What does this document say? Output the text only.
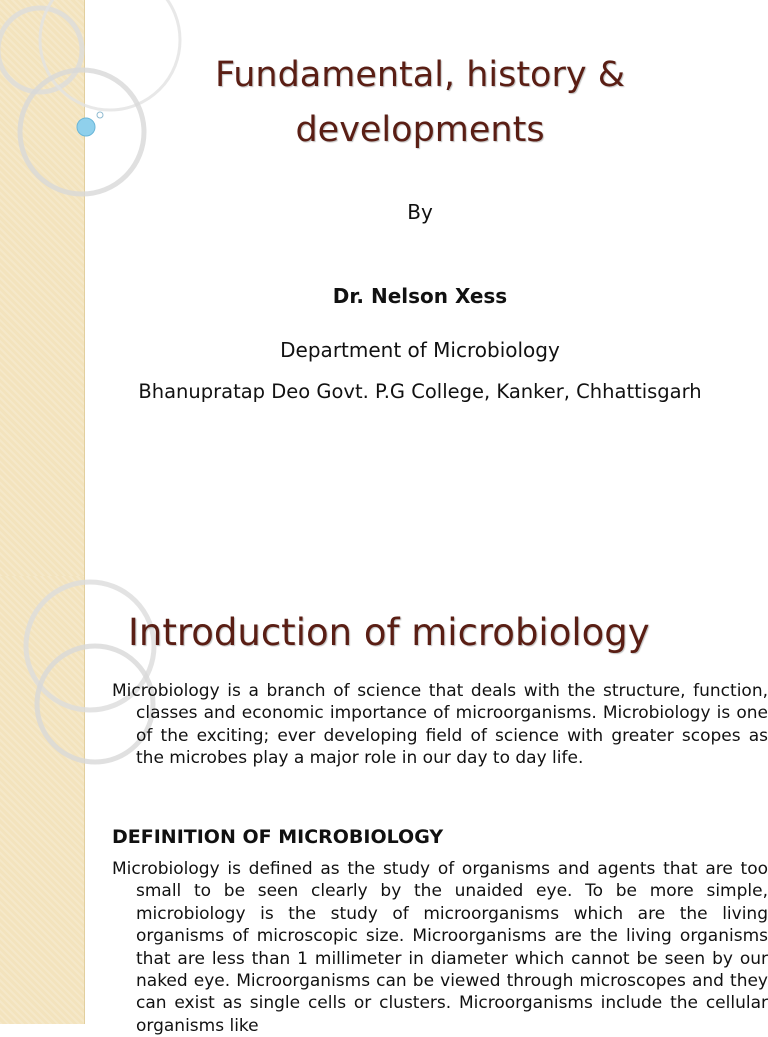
Fundamental, history & developments
By
Dr. Nelson Xess
Department of Microbiology
Bhanupratap Deo Govt. P.G College, Kanker, Chhattisgarh
Introduction of microbiology

Microbiology is a branch of science that deals with the structure, function, classes and economic importance of microorganisms. Microbiology is one of the exciting; ever developing field of science with greater scopes as the microbes play a major role in our day to day life.

DEFINITION OF MICROBIOLOGY

Microbiology is defined as the study of organisms and agents that are too small to be seen clearly by the unaided eye. To be more simple, microbiology is the study of microorganisms which are the living organisms of microscopic size. Microorganisms are the living organisms that are less than 1 millimeter in diameter which cannot be seen by our naked eye. Microorganisms can be viewed through microscopes and they can exist as single cells or clusters. Microorganisms include the cellular organisms like
